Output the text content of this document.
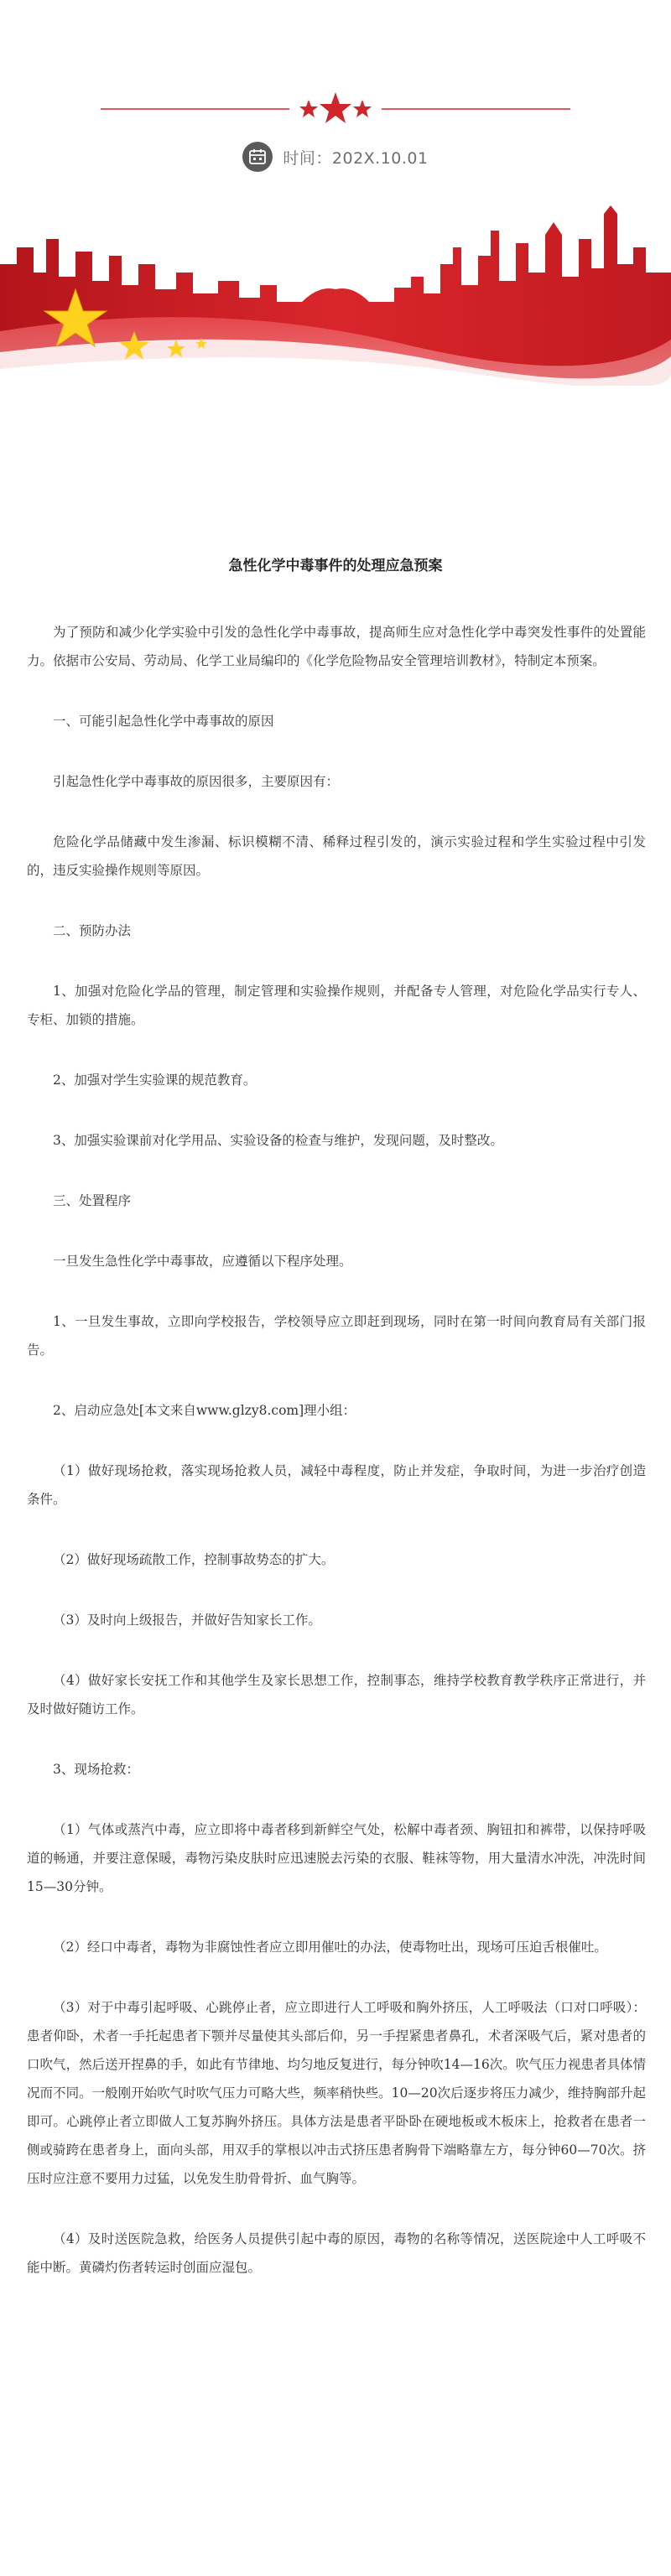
时间：202X.10.01
急性化学中毒事件的处理应急预案

为了预防和减少化学实验中引发的急性化学中毒事故，提高师生应对急性化学中毒突发性事件的处置能力。依据市公安局、劳动局、化学工业局编印的《化学危险物品安全管理培训教材》，特制定本预案。

一、可能引起急性化学中毒事故的原因

引起急性化学中毒事故的原因很多，主要原因有：

危险化学品储藏中发生渗漏、标识模糊不清、稀释过程引发的，演示实验过程和学生实验过程中引发的，违反实验操作规则等原因。

二、预防办法

1、加强对危险化学品的管理，制定管理和实验操作规则，并配备专人管理，对危险化学品实行专人、专柜、加锁的措施。

2、加强对学生实验课的规范教育。

3、加强实验课前对化学用品、实验设备的检查与维护，发现问题，及时整改。

三、处置程序

一旦发生急性化学中毒事故，应遵循以下程序处理。

1、一旦发生事故，立即向学校报告，学校领导应立即赶到现场，同时在第一时间向教育局有关部门报告。

2、启动应急处[本文来自www.glzy8.com]理小组：

（1）做好现场抢救，落实现场抢救人员，减轻中毒程度，防止并发症，争取时间，为进一步治疗创造条件。

（2）做好现场疏散工作，控制事故势态的扩大。

（3）及时向上级报告，并做好告知家长工作。

（4）做好家长安抚工作和其他学生及家长思想工作，控制事态，维持学校教育教学秩序正常进行，并及时做好随访工作。

3、现场抢救：

（1）气体或蒸汽中毒，应立即将中毒者移到新鲜空气处，松解中毒者颈、胸钮扣和裤带，以保持呼吸道的畅通，并要注意保暖，毒物污染皮肤时应迅速脱去污染的衣服、鞋袜等物，用大量清水冲洗，冲洗时间15—30分钟。

（2）经口中毒者，毒物为非腐蚀性者应立即用催吐的办法，使毒物吐出，现场可压迫舌根催吐。

（3）对于中毒引起呼吸、心跳停止者，应立即进行人工呼吸和胸外挤压，人工呼吸法（口对口呼吸）：患者仰卧，术者一手托起患者下颚并尽量使其头部后仰，另一手捏紧患者鼻孔，术者深吸气后，紧对患者的口吹气，然后送开捏鼻的手，如此有节律地、均匀地反复进行，每分钟吹14—16次。吹气压力视患者具体情况而不同。一般刚开始吹气时吹气压力可略大些，频率稍快些。10—20次后逐步将压力减少，维持胸部升起即可。心跳停止者立即做人工复苏胸外挤压。具体方法是患者平卧卧在硬地板或木板床上，抢救者在患者一侧或骑跨在患者身上，面向头部，用双手的掌根以冲击式挤压患者胸骨下端略靠左方，每分钟60—70次。挤压时应注意不要用力过猛，以免发生肋骨骨折、血气胸等。

（4）及时送医院急救，给医务人员提供引起中毒的原因，毒物的名称等情况，送医院途中人工呼吸不能中断。黄磷灼伤者转运时创面应湿包。
